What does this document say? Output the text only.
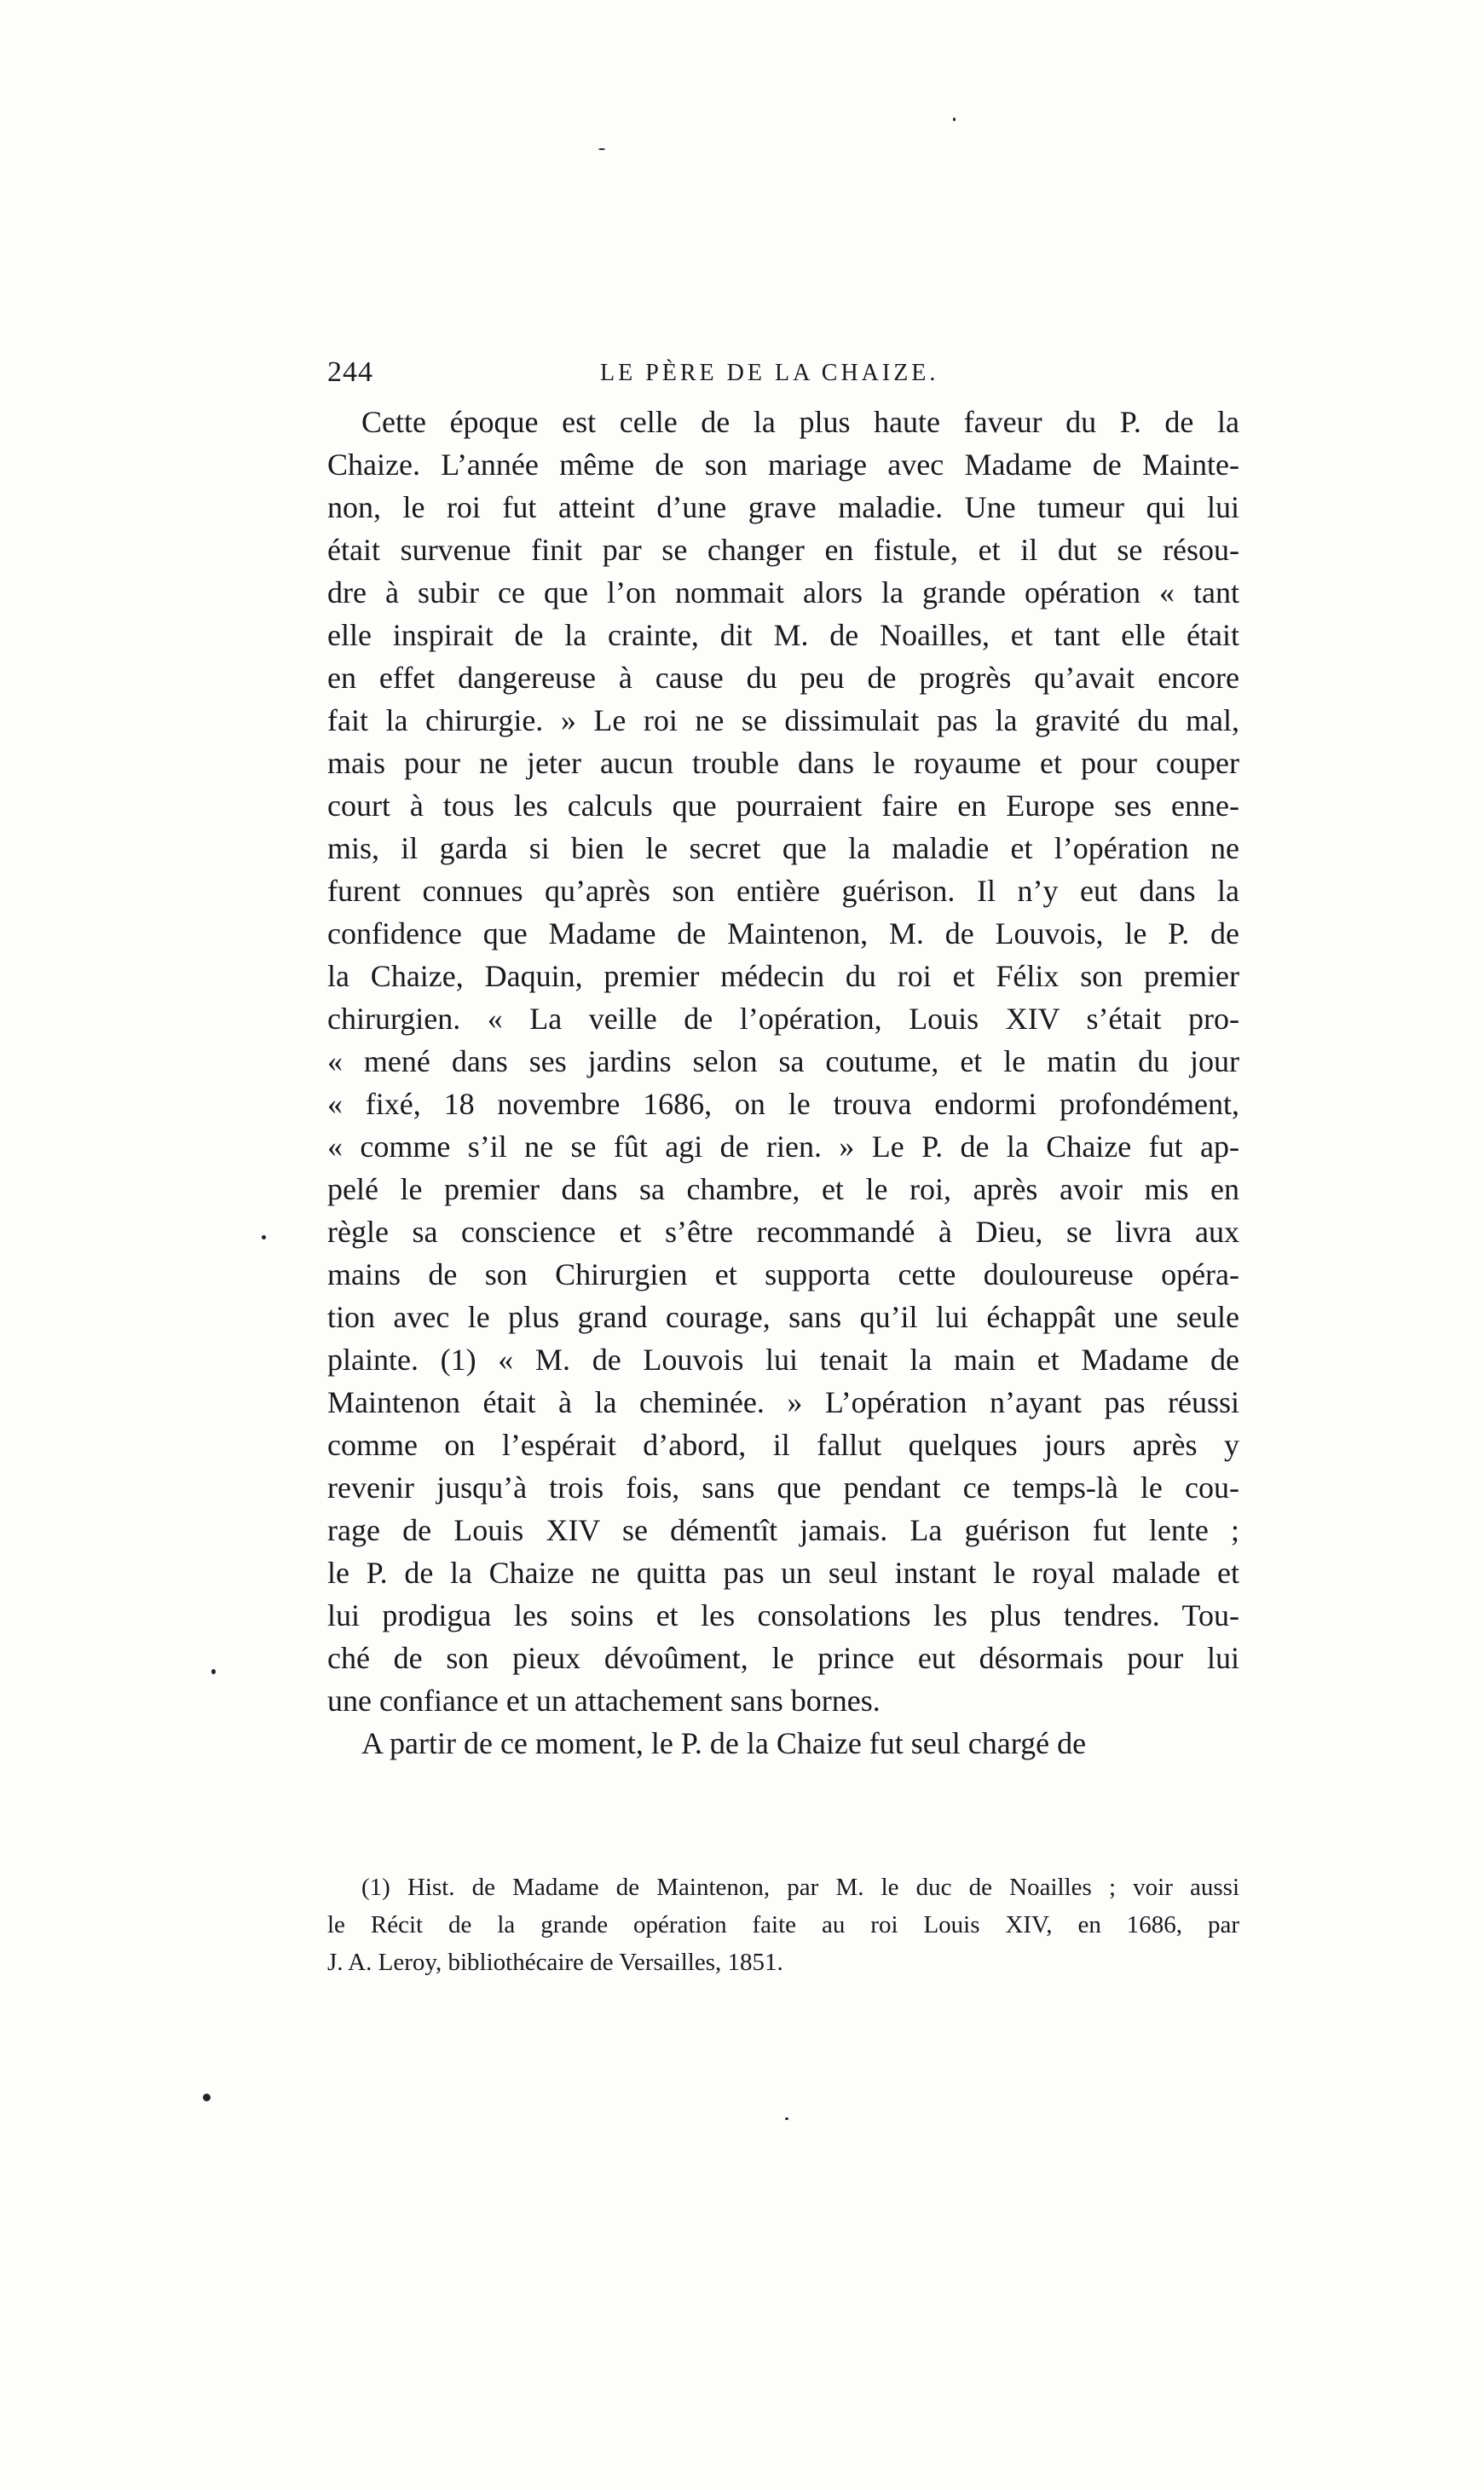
244	LE PÈRE DE LA CHAIZE.
Cette époque est celle de la plus haute faveur du P. de la
Chaize. L’année même de son mariage avec Madame de Mainte-
non, le roi fut atteint d’une grave maladie. Une tumeur qui lui
était survenue finit par se changer en fistule, et il dut se résou-
dre à subir ce que l’on nommait alors la grande opération « tant
elle inspirait de la crainte, dit M. de Noailles, et tant elle était
en effet dangereuse à cause du peu de progrès qu’avait encore
fait la chirurgie. » Le roi ne se dissimulait pas la gravité du mal,
mais pour ne jeter aucun trouble dans le royaume et pour couper
court à tous les calculs que pourraient faire en Europe ses enne-
mis, il garda si bien le secret que la maladie et l’opération ne
furent connues qu’après son entière guérison. Il n’y eut dans la
confidence que Madame de Maintenon, M. de Louvois, le P. de
la Chaize, Daquin, premier médecin du roi et Félix son premier
chirurgien. « La veille de l’opération, Louis XIV s’était pro-
« mené dans ses jardins selon sa coutume, et le matin du jour
« fixé, 18 novembre 1686, on le trouva endormi profondément,
« comme s’il ne se fût agi de rien. » Le P. de la Chaize fut ap-
pelé le premier dans sa chambre, et le roi, après avoir mis en
règle sa conscience et s’être recommandé à Dieu, se livra aux
mains de son Chirurgien et supporta cette douloureuse opéra-
tion avec le plus grand courage, sans qu’il lui échappât une seule
plainte. (1) « M. de Louvois lui tenait la main et Madame de
Maintenon était à la cheminée. » L’opération n’ayant pas réussi
comme on l’espérait d’abord, il fallut quelques jours après y
revenir jusqu’à trois fois, sans que pendant ce temps-là le cou-
rage de Louis XIV se démentît jamais. La guérison fut lente ;
le P. de la Chaize ne quitta pas un seul instant le royal malade et
lui prodigua les soins et les consolations les plus tendres. Tou-
ché de son pieux dévoûment, le prince eut désormais pour lui
une confiance et un attachement sans bornes.
A partir de ce moment, le P. de la Chaize fut seul chargé de
(1) Hist. de Madame de Maintenon, par M. le duc de Noailles ; voir aussi
le Récit de la grande opération faite au roi Louis XIV, en 1686, par
J. A. Leroy, bibliothécaire de Versailles, 1851.
